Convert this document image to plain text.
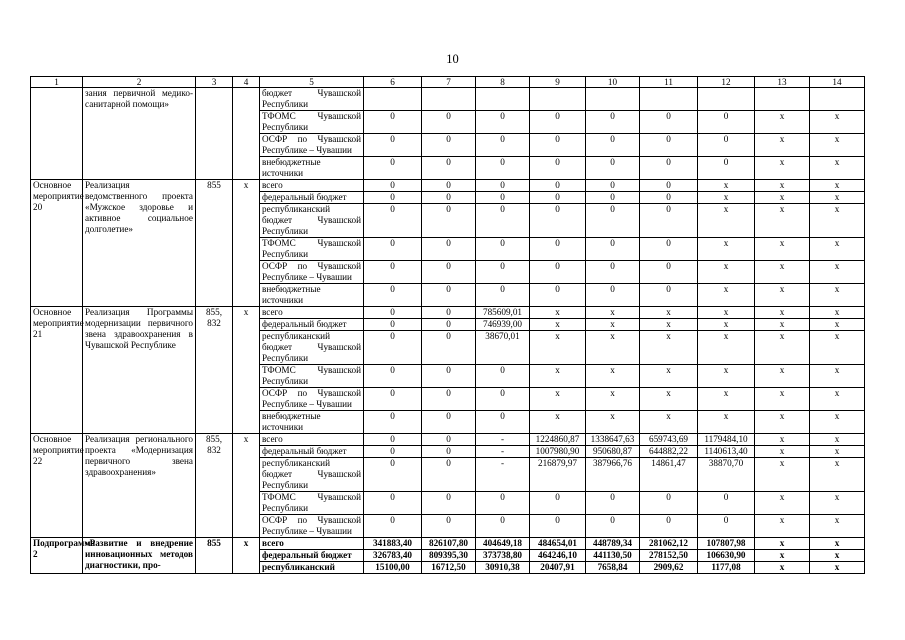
10
1	2	3	4	5	6	7	8	9	10	11	12	13	14
	зания первичной медико-санитарной помощи»			бюджет Чувашской Республики									
				ТФОМС Чувашской Республики	0	0	0	0	0	0	0	x	x
				ОСФР по Чувашской Республике – Чувашии	0	0	0	0	0	0	0	x	x
				внебюджетные источники	0	0	0	0	0	0	0	x	x
Основное мероприятие 20	Реализация ведомственного проекта «Мужское здоровье и активное социальное долголетие»	855	x	всего	0	0	0	0	0	0	x	x	x
				федеральный бюджет	0	0	0	0	0	0	x	x	x
				республиканский бюджет Чувашской Республики	0	0	0	0	0	0	x	x	x
				ТФОМС Чувашской Республики	0	0	0	0	0	0	x	x	x
				ОСФР по Чувашской Республике – Чувашии	0	0	0	0	0	0	x	x	x
				внебюджетные источники	0	0	0	0	0	0	x	x	x
Основное мероприятие 21	Реализация Программы модернизации первичного звена здравоохранения в Чувашской Республике	855, 832	x	всего	0	0	785609,01	x	x	x	x	x	x
				федеральный бюджет	0	0	746939,00	x	x	x	x	x	x
				республиканский бюджет Чувашской Республики	0	0	38670,01	x	x	x	x	x	x
				ТФОМС Чувашской Республики	0	0	0	x	x	x	x	x	x
				ОСФР по Чувашской Республике – Чувашии	0	0	0	x	x	x	x	x	x
				внебюджетные источники	0	0	0	x	x	x	x	x	x
Основное мероприятие 22	Реализация регионального проекта «Модернизация первичного звена здравоохранения»	855, 832	x	всего	0	0	-	1224860,87	1338647,63	659743,69	1179484,10	x	x
				федеральный бюджет	0	0	-	1007980,90	950680,87	644882,22	1140613,40	x	x
				республиканский бюджет Чувашской Республики	0	0	-	216879,97	387966,76	14861,47	38870,70	x	x
				ТФОМС Чувашской Республики	0	0	0	0	0	0	0	x	x
				ОСФР по Чувашской Республике – Чувашии	0	0	0	0	0	0	0	x	x
Подпрограмма 2	«Развитие и внедрение инновационных методов диагностики, про-	855	x	всего	341883,40	826107,80	404649,18	484654,01	448789,34	281062,12	107807,98	x	x
				федеральный бюджет	326783,40	809395,30	373738,80	464246,10	441130,50	278152,50	106630,90	x	x
				республиканский	15100,00	16712,50	30910,38	20407,91	7658,84	2909,62	1177,08	x	x
